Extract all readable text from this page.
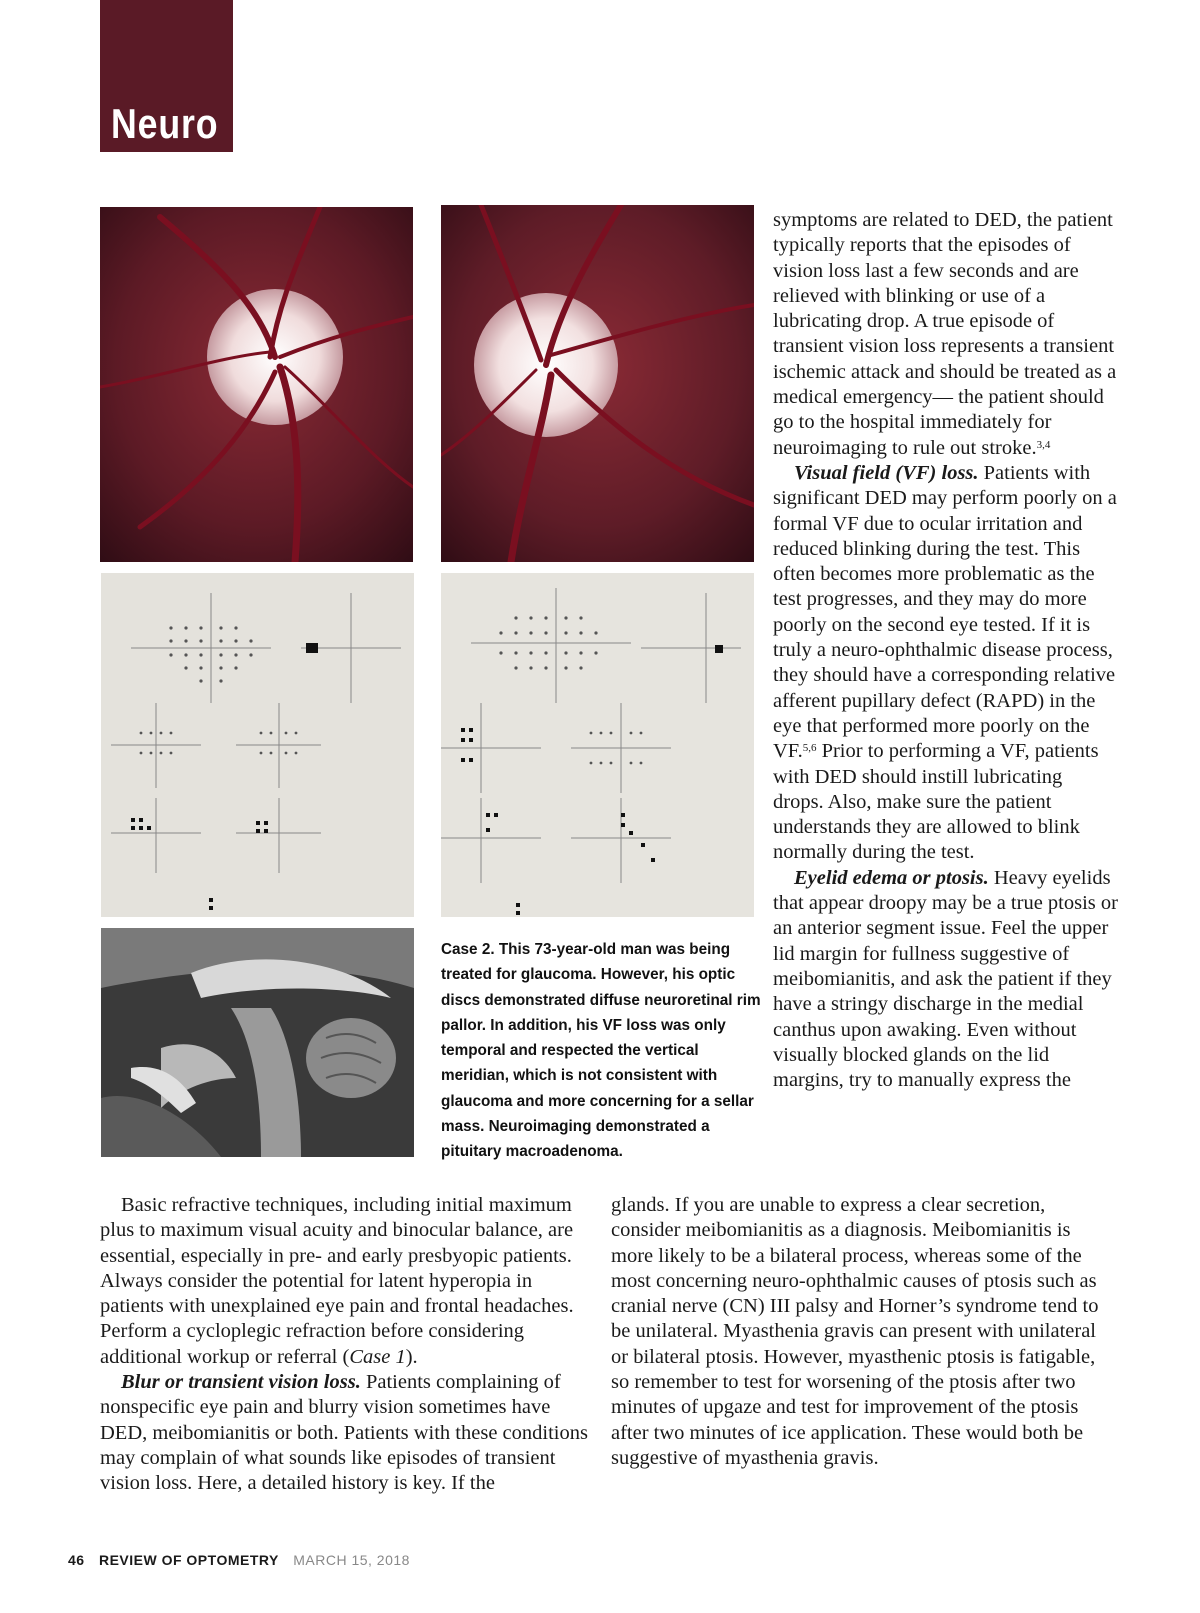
Neuro

Case 2. This 73-year-old man was being treated for glaucoma. However, his optic discs demonstrated diffuse neuroretinal rim pallor. In addition, his VF loss was only temporal and respected the vertical meridian, which is not consistent with glaucoma and more concerning for a sellar mass. Neuroimaging demonstrated a pituitary macroadenoma.

symptoms are related to DED, the patient typically reports that the episodes of vision loss last a few seconds and are relieved with blinking or use of a lubricating drop. A true episode of transient vision loss represents a transient ischemic attack and should be treated as a medical emergency— the patient should go to the hospital immediately for neuroimaging to rule out stroke.$^{3,4}$

Visual field (VF) loss. Patients with significant DED may perform poorly on a formal VF due to ocular irritation and reduced blinking during the test. This often becomes more problematic as the test progresses, and they may do more poorly on the second eye tested. If it is truly a neuro-ophthalmic disease process, they should have a corresponding relative afferent pupillary defect (RAPD) in the eye that performed more poorly on the VF.$^{5,6}$ Prior to performing a VF, patients with DED should instill lubricating drops. Also, make sure the patient understands they are allowed to blink normally during the test.

Eyelid edema or ptosis. Heavy eyelids that appear droopy may be a true ptosis or an anterior segment issue. Feel the upper lid margin for fullness suggestive of meibomianitis, and ask the patient if they have a stringy discharge in the medial canthus upon awaking. Even without visually blocked glands on the lid margins, try to manually express the

Basic refractive techniques, including initial maximum plus to maximum visual acuity and binocular balance, are essential, especially in pre- and early presbyopic patients. Always consider the potential for latent hyperopia in patients with unexplained eye pain and frontal headaches. Perform a cycloplegic refraction before considering additional workup or referral (Case 1).

Blur or transient vision loss. Patients complaining of nonspecific eye pain and blurry vision sometimes have DED, meibomianitis or both. Patients with these conditions may complain of what sounds like episodes of transient vision loss. Here, a detailed history is key. If the

glands. If you are unable to express a clear secretion, consider meibomianitis as a diagnosis. Meibomianitis is more likely to be a bilateral process, whereas some of the most concerning neuro-ophthalmic causes of ptosis such as cranial nerve (CN) III palsy and Horner’s syndrome tend to be unilateral. Myasthenia gravis can present with unilateral or bilateral ptosis. However, myasthenic ptosis is fatigable, so remember to test for worsening of the ptosis after two minutes of upgaze and test for improvement of the ptosis after two minutes of ice application. These would both be suggestive of myasthenia gravis.

46 REVIEW OF OPTOMETRY MARCH 15, 2018
